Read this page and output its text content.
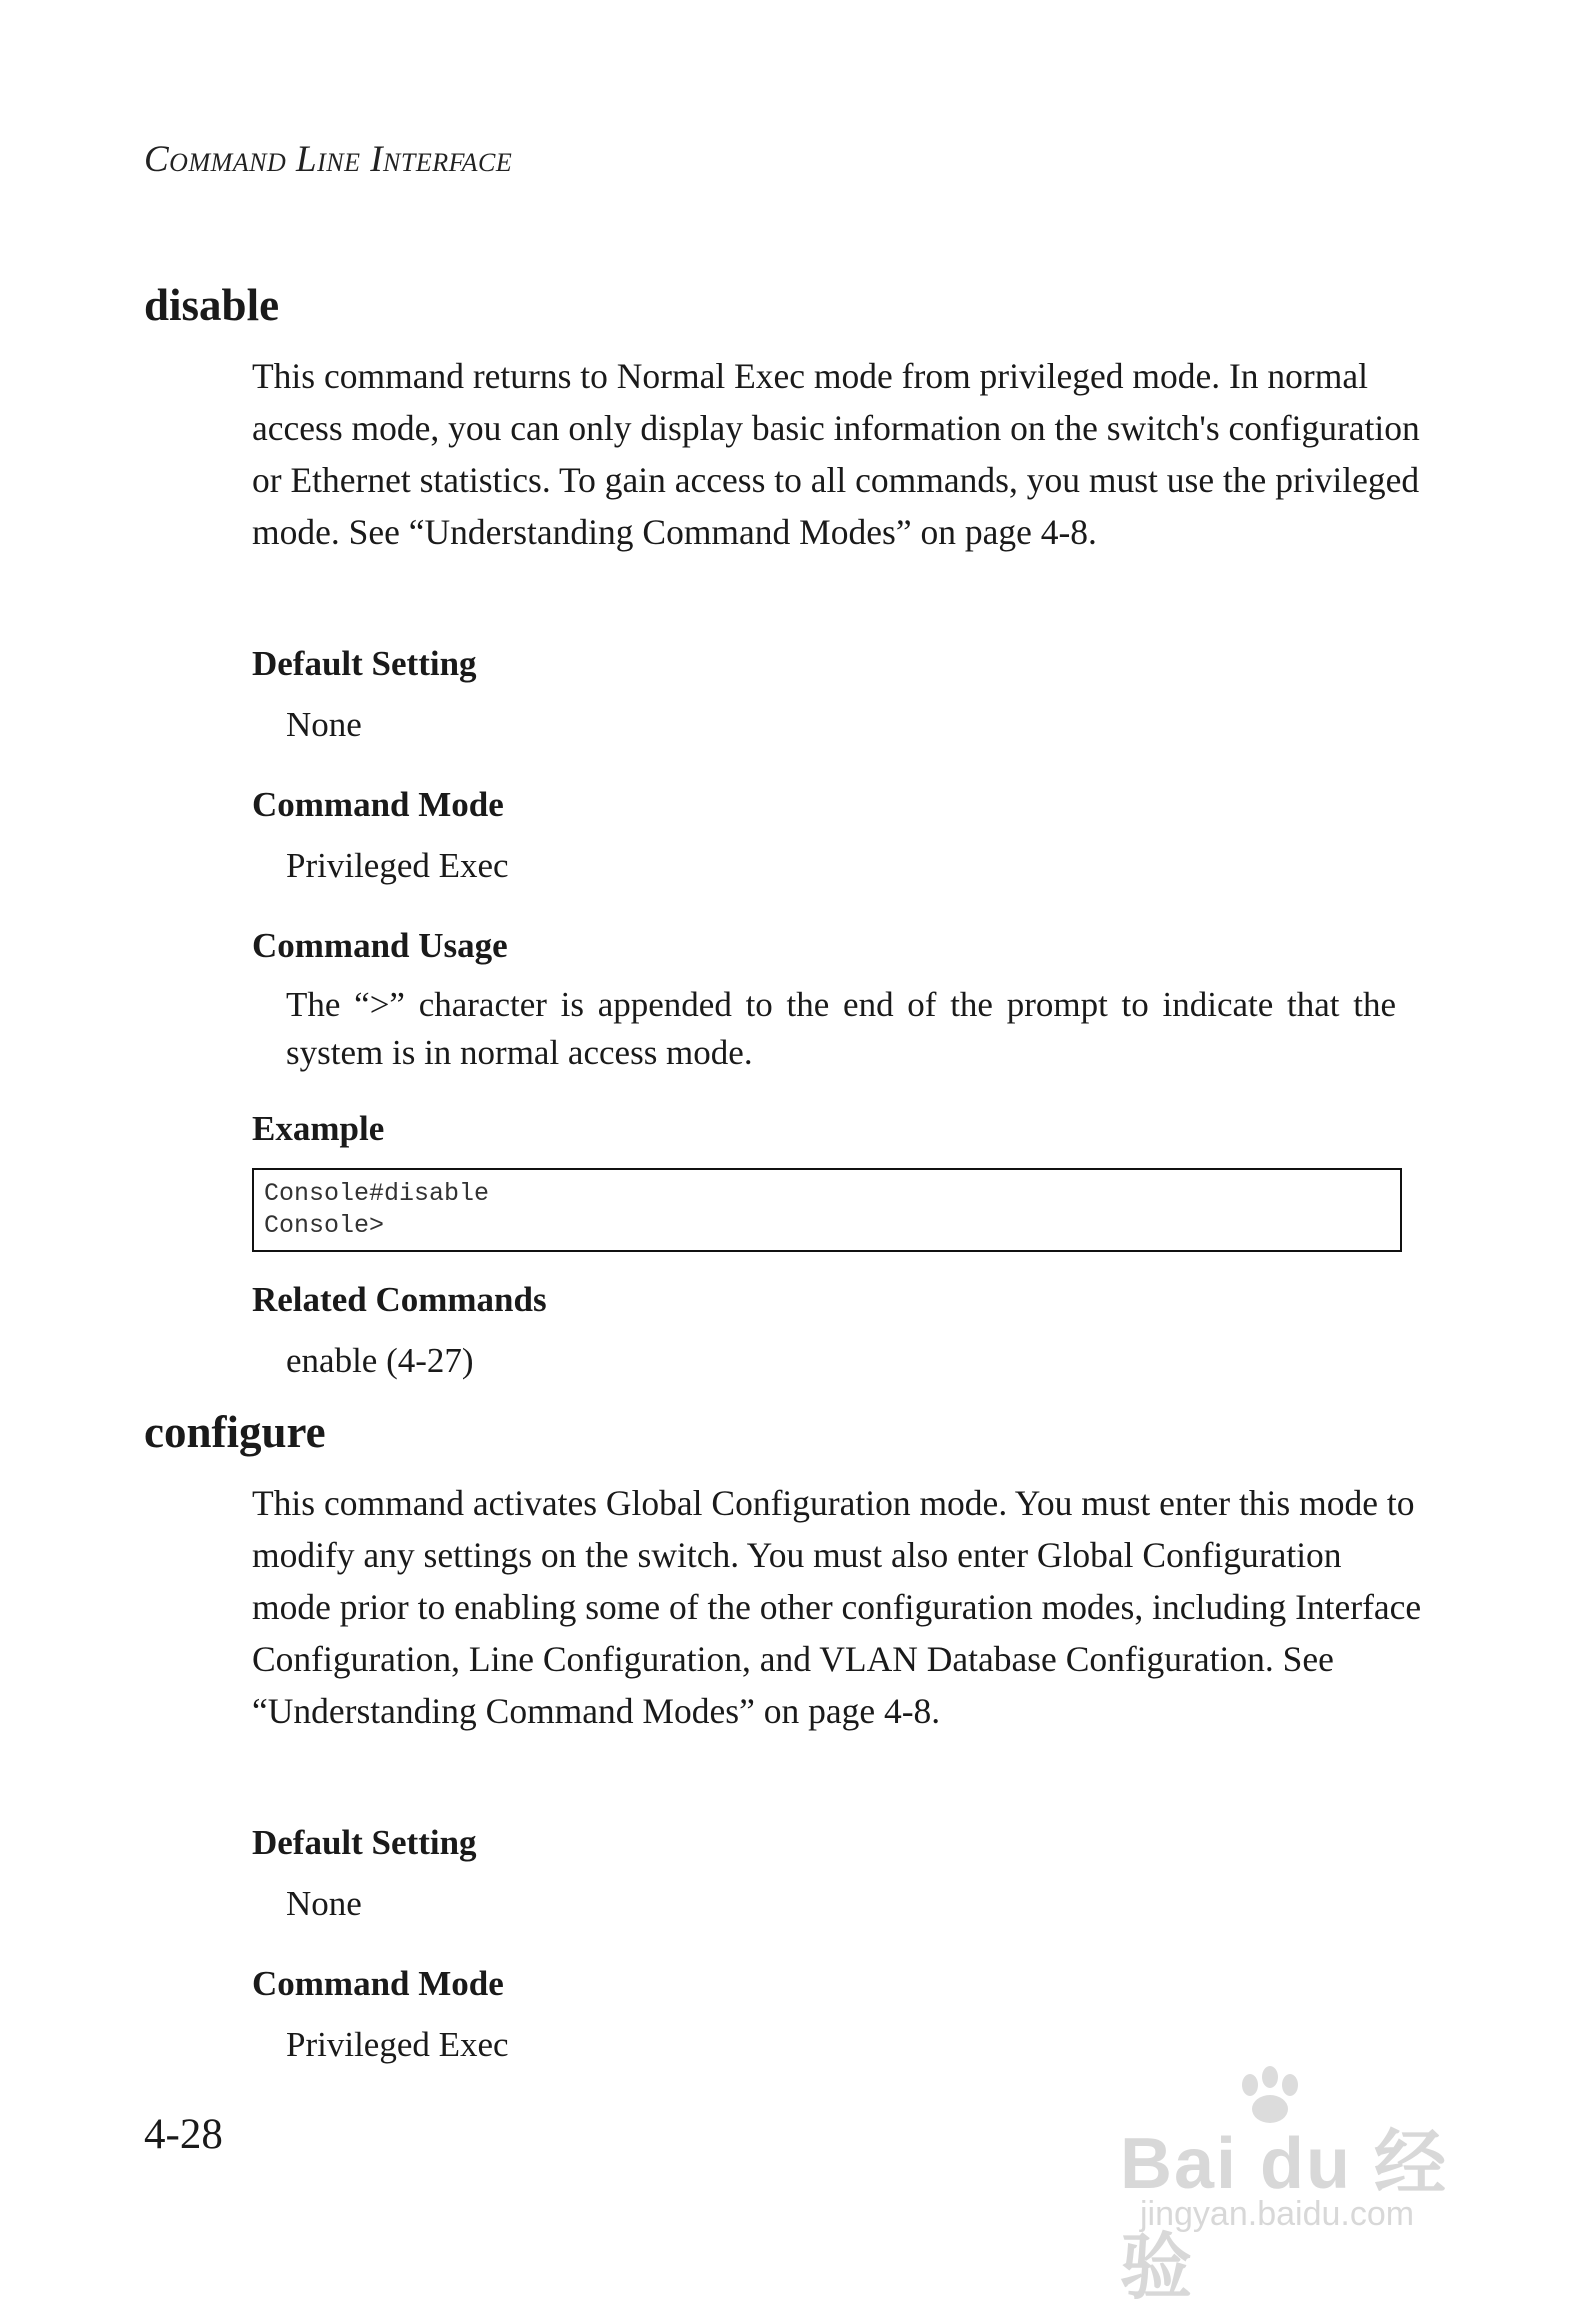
Command Line Interface
disable

This command returns to Normal Exec mode from privileged mode. In normal access mode, you can only display basic information on the switch's configuration or Ethernet statistics. To gain access to all commands, you must use the privileged mode. See “Understanding Command Modes” on page 4-8.

Default Setting
None
Command Mode
Privileged Exec
Command Usage
The “>” character is appended to the end of the prompt to indicate that the system is in normal access mode.
Example
Console#disable
Console>
Related Commands
enable (4-27)
configure

This command activates Global Configuration mode. You must enter this mode to modify any settings on the switch. You must also enter Global Configuration mode prior to enabling some of the other configuration modes, including Interface Configuration, Line Configuration, and VLAN Database Configuration. See “Understanding Command Modes” on page 4-8.

Default Setting
None
Command Mode
Privileged Exec
4-28	Bai du 经验
jingyan.baidu.com
